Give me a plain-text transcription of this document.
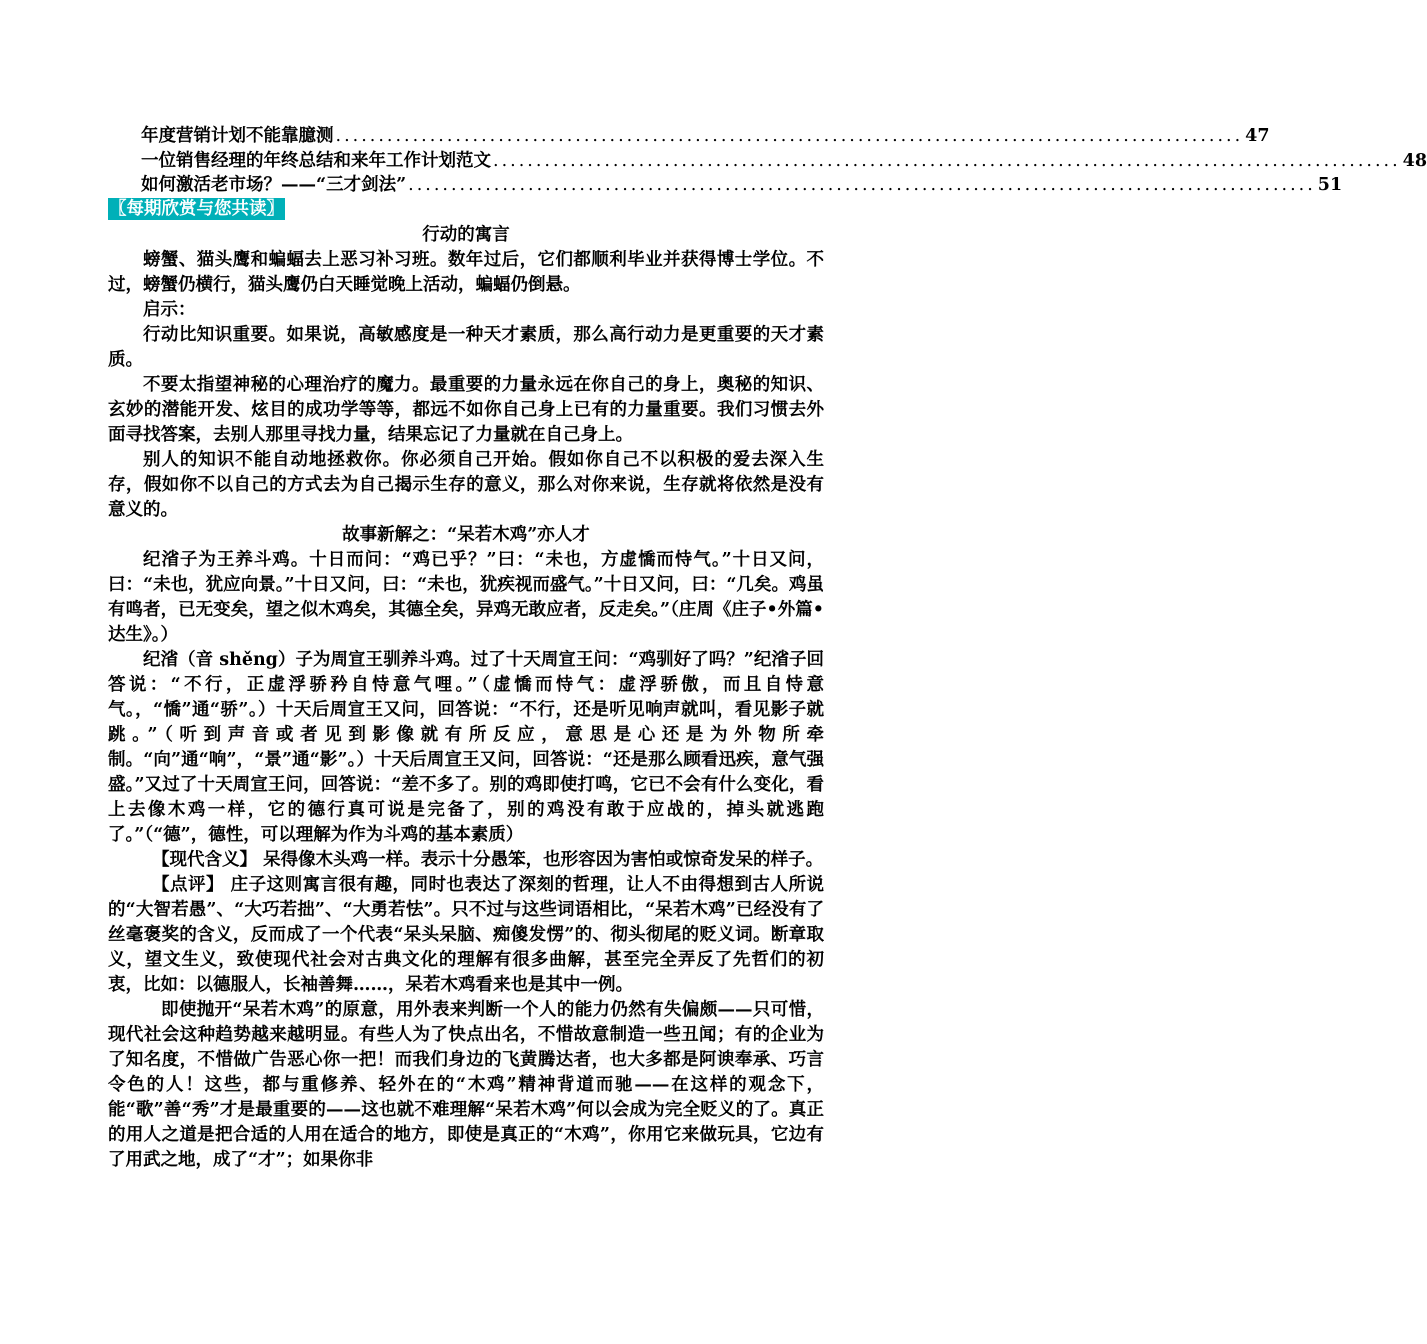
年度营销计划不能靠臆测 .......................................................................................................... 47
一位销售经理的年终总结和来年工作计划范文 .......................................................................................................... 48
如何激活老市场？——“三才剑法” .......................................................................................................... 51
〖每期欣赏与您共读〗
行动的寓言

螃蟹、猫头鹰和蝙蝠去上恶习补习班。数年过后，它们都顺利毕业并获得博士学位。不过，螃蟹仍横行，猫头鹰仍白天睡觉晚上活动，蝙蝠仍倒悬。

启示：

行动比知识重要。如果说，高敏感度是一种天才素质，那么高行动力是更重要的天才素质。

不要太指望神秘的心理治疗的魔力。最重要的力量永远在你自己的身上，奥秘的知识、玄妙的潜能开发、炫目的成功学等等，都远不如你自己身上已有的力量重要。我们习惯去外面寻找答案，去别人那里寻找力量，结果忘记了力量就在自己身上。

别人的知识不能自动地拯救你。你必须自己开始。假如你自己不以积极的爱去深入生存，假如你不以自己的方式去为自己揭示生存的意义，那么对你来说，生存就将依然是没有意义的。

故事新解之：“呆若木鸡”亦人才

纪渻子为王养斗鸡。十日而问：“鸡已乎？”曰：“未也，方虚憍而恃气。”十日又问，曰：“未也，犹应向景。”十日又问，曰：“未也，犹疾视而盛气。”十日又问，曰：“几矣。鸡虽有鸣者，已无变矣，望之似木鸡矣，其德全矣，异鸡无敢应者，反走矣。”（庄周《庄子•外篇•达生》。）

纪渻（音 shěng）子为周宣王驯养斗鸡。过了十天周宣王问：“鸡驯好了吗？”纪渻子回答说：“不行，正虚浮骄矜自恃意气哩。”（虚憍而恃气：虚浮骄傲，而且自恃意气。，“憍”通“骄”。）十天后周宣王又问，回答说：“不行，还是听见响声就叫，看见影子就跳。”（听到声音或者见到影像就有所反应，意思是心还是为外物所牵制。“向”通“响”，“景”通“影”。）十天后周宣王又问，回答说：“还是那么顾看迅疾，意气强盛。”又过了十天周宣王问，回答说：“差不多了。别的鸡即使打鸣，它已不会有什么变化，看上去像木鸡一样，它的德行真可说是完备了，别的鸡没有敢于应战的，掉头就逃跑了。”（“德”，德性，可以理解为作为斗鸡的基本素质）

【现代含义】 呆得像木头鸡一样。表示十分愚笨，也形容因为害怕或惊奇发呆的样子。

【点评】 庄子这则寓言很有趣，同时也表达了深刻的哲理，让人不由得想到古人所说的“大智若愚”、“大巧若拙”、“大勇若怯”。只不过与这些词语相比，“呆若木鸡”已经没有了丝毫褒奖的含义，反而成了一个代表“呆头呆脑、痴傻发愣”的、彻头彻尾的贬义词。断章取义，望文生义，致使现代社会对古典文化的理解有很多曲解，甚至完全弄反了先哲们的初衷，比如：以德服人，长袖善舞……，呆若木鸡看来也是其中一例。

即使抛开“呆若木鸡”的原意，用外表来判断一个人的能力仍然有失偏颇——只可惜，现代社会这种趋势越来越明显。有些人为了快点出名，不惜故意制造一些丑闻；有的企业为了知名度，不惜做广告恶心你一把！而我们身边的飞黄腾达者，也大多都是阿谀奉承、巧言令色的人！这些，都与重修养、轻外在的“木鸡”精神背道而驰——在这样的观念下，能“歌”善“秀”才是最重要的——这也就不难理解“呆若木鸡”何以会成为完全贬义的了。真正的用人之道是把合适的人用在适合的地方，即使是真正的“木鸡”，你用它来做玩具，它边有了用武之地，成了“才”；如果你非
